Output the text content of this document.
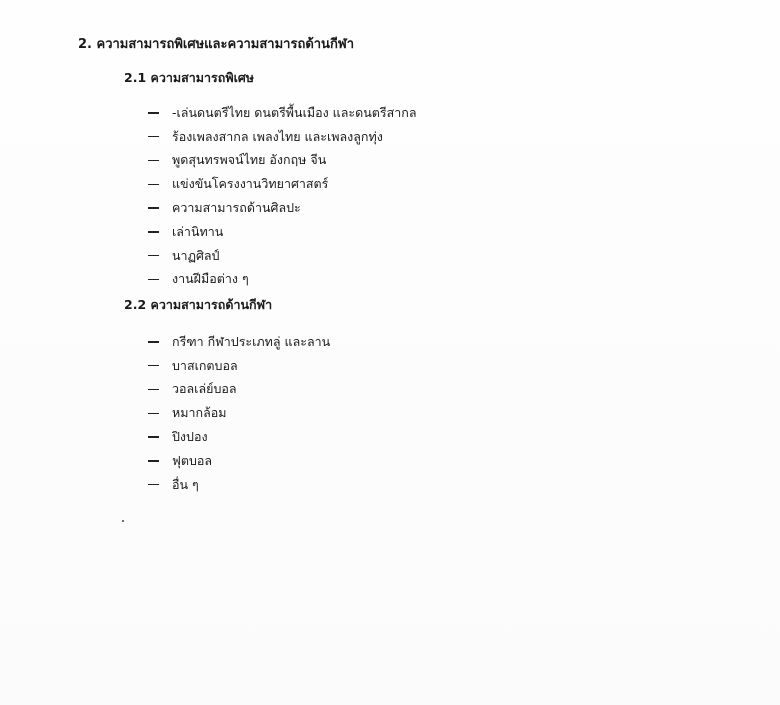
2. ความสามารถพิเศษและความสามารถด้านกีฬา
2.1 ความสามารถพิเศษ
-เล่นดนตรีไทย ดนตรีพื้นเมือง และดนตรีสากล
ร้องเพลงสากล เพลงไทย และเพลงลูกทุ่ง
พูดสุนทรพจน์ไทย อังกฤษ จีน
แข่งขันโครงงานวิทยาศาสตร์
ความสามารถด้านศิลปะ
เล่านิทาน
นาฏศิลป์
งานฝีมือต่าง ๆ
2.2 ความสามารถด้านกีฬา
กรีฑา กีฬาประเภทลู่ และลาน
บาสเกตบอล
วอลเล่ย์บอล
หมากล้อม
ปิงปอง
ฟุตบอล
อื่น ๆ
